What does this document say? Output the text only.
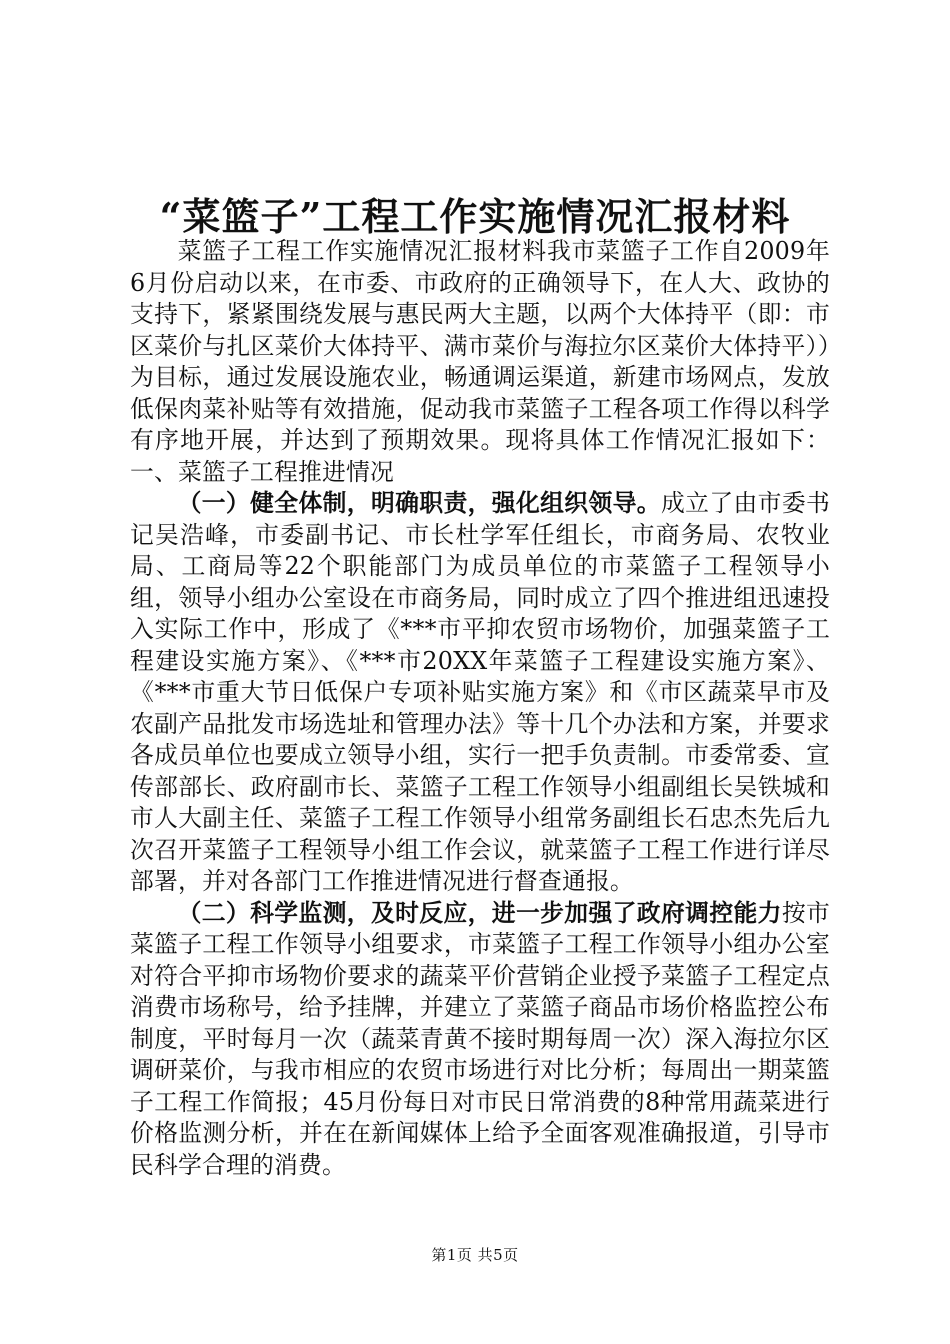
“菜篮子”工程工作实施情况汇报材料

菜篮子工程工作实施情况汇报材料我市菜篮子工作自2009年6月份启动以来，在市委、市政府的正确领导下，在人大、政协的支持下，紧紧围绕发展与惠民两大主题，以两个大体持平（即：市区菜价与扎区菜价大体持平、满市菜价与海拉尔区菜价大体持平））为目标，通过发展设施农业，畅通调运渠道，新建市场网点，发放低保肉菜补贴等有效措施，促动我市菜篮子工程各项工作得以科学有序地开展，并达到了预期效果。现将具体工作情况汇报如下：一、菜篮子工程推进情况

（一）健全体制，明确职责，强化组织领导。成立了由市委书记吴浩峰，市委副书记、市长杜学军任组长，市商务局、农牧业局、工商局等22个职能部门为成员单位的市菜篮子工程领导小组，领导小组办公室设在市商务局，同时成立了四个推进组迅速投入实际工作中，形成了《***市平抑农贸市场物价，加强菜篮子工程建设实施方案》、《***市20XX年菜篮子工程建设实施方案》、《***市重大节日低保户专项补贴实施方案》和《市区蔬菜早市及农副产品批发市场选址和管理办法》等十几个办法和方案，并要求各成员单位也要成立领导小组，实行一把手负责制。市委常委、宣传部部长、政府副市长、菜篮子工程工作领导小组副组长吴铁城和市人大副主任、菜篮子工程工作领导小组常务副组长石忠杰先后九次召开菜篮子工程领导小组工作会议，就菜篮子工程工作进行详尽部署，并对各部门工作推进情况进行督查通报。

（二）科学监测，及时反应，进一步加强了政府调控能力按市菜篮子工程工作领导小组要求，市菜篮子工程工作领导小组办公室对符合平抑市场物价要求的蔬菜平价营销企业授予菜篮子工程定点消费市场称号，给予挂牌，并建立了菜篮子商品市场价格监控公布制度，平时每月一次（蔬菜青黄不接时期每周一次）深入海拉尔区调研菜价，与我市相应的农贸市场进行对比分析；每周出一期菜篮子工程工作简报；45月份每日对市民日常消费的8种常用蔬菜进行价格监测分析，并在在新闻媒体上给予全面客观准确报道，引导市民科学合理的消费。

第1页 共5页
